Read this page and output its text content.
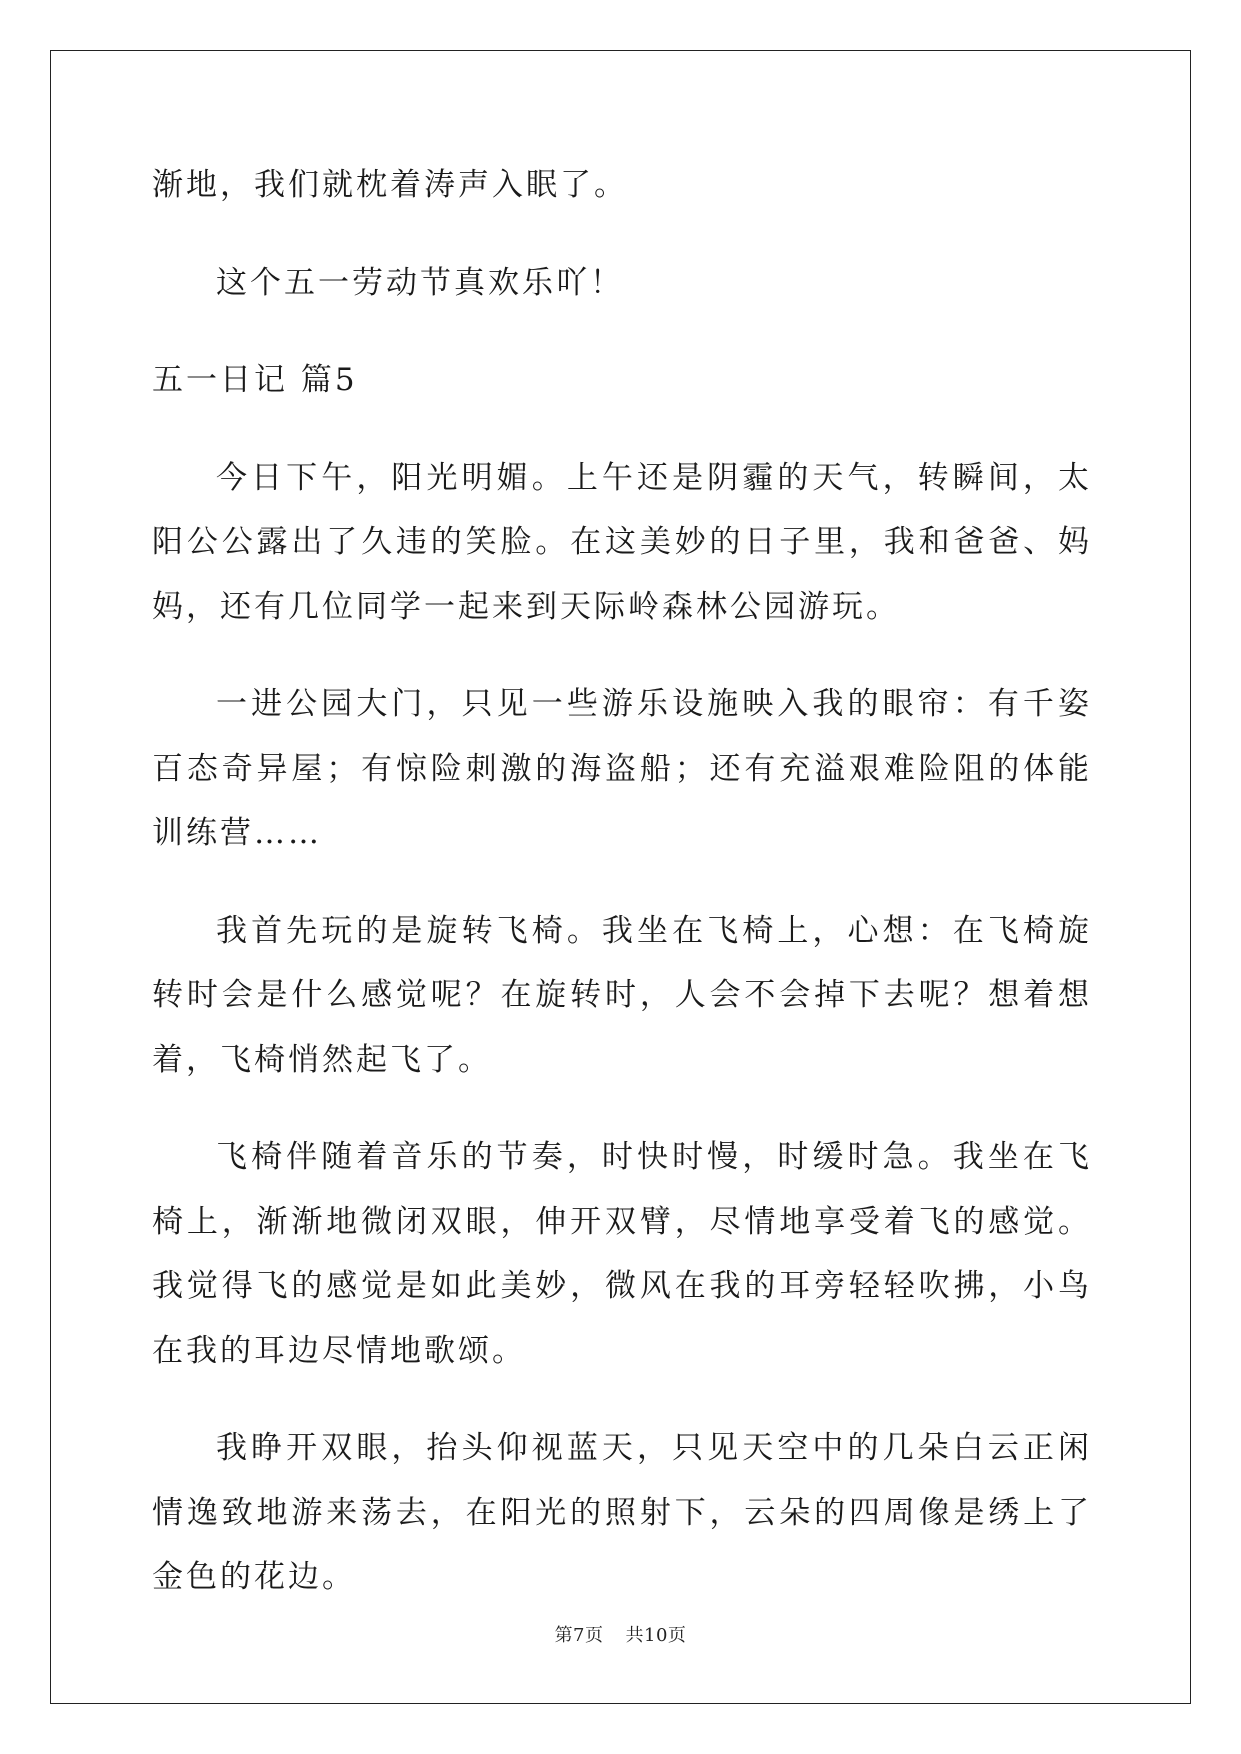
渐地，我们就枕着涛声入眠了。

这个五一劳动节真欢乐吖！

五一日记 篇5

今日下午，阳光明媚。上午还是阴霾的天气，转瞬间，太阳公公露出了久违的笑脸。在这美妙的日子里，我和爸爸、妈妈，还有几位同学一起来到天际岭森林公园游玩。

一进公园大门，只见一些游乐设施映入我的眼帘：有千姿百态奇异屋；有惊险刺激的海盗船；还有充溢艰难险阻的体能训练营……

我首先玩的是旋转飞椅。我坐在飞椅上，心想：在飞椅旋转时会是什么感觉呢？在旋转时，人会不会掉下去呢？想着想着，飞椅悄然起飞了。

飞椅伴随着音乐的节奏，时快时慢，时缓时急。我坐在飞椅上，渐渐地微闭双眼，伸开双臂，尽情地享受着飞的感觉。我觉得飞的感觉是如此美妙，微风在我的耳旁轻轻吹拂，小鸟在我的耳边尽情地歌颂。

我睁开双眼，抬头仰视蓝天，只见天空中的几朵白云正闲情逸致地游来荡去，在阳光的照射下，云朵的四周像是绣上了金色的花边。

第7页 共10页
